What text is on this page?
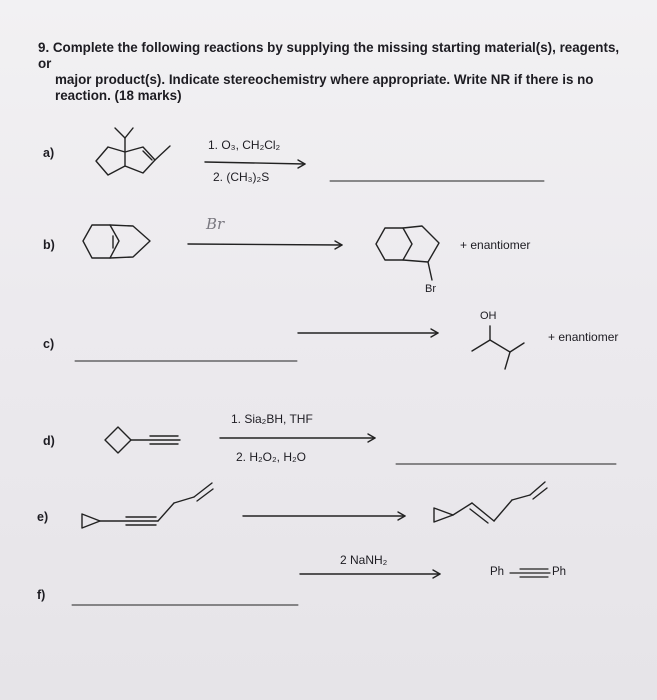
9. Complete the following reactions by supplying the missing starting material(s), reagents, or
major product(s). Indicate stereochemistry where appropriate. Write NR if there is no
reaction. (18 marks)
a)
b)
c)
d)
e)
f)
1. O₃, CH₂Cl₂
2. (CH₃)₂S
Br
+ enantiomer
Br
OH
+ enantiomer
1. Sia₂BH, THF
2. H₂O₂, H₂O
2 NaNH₂
Ph	Ph
